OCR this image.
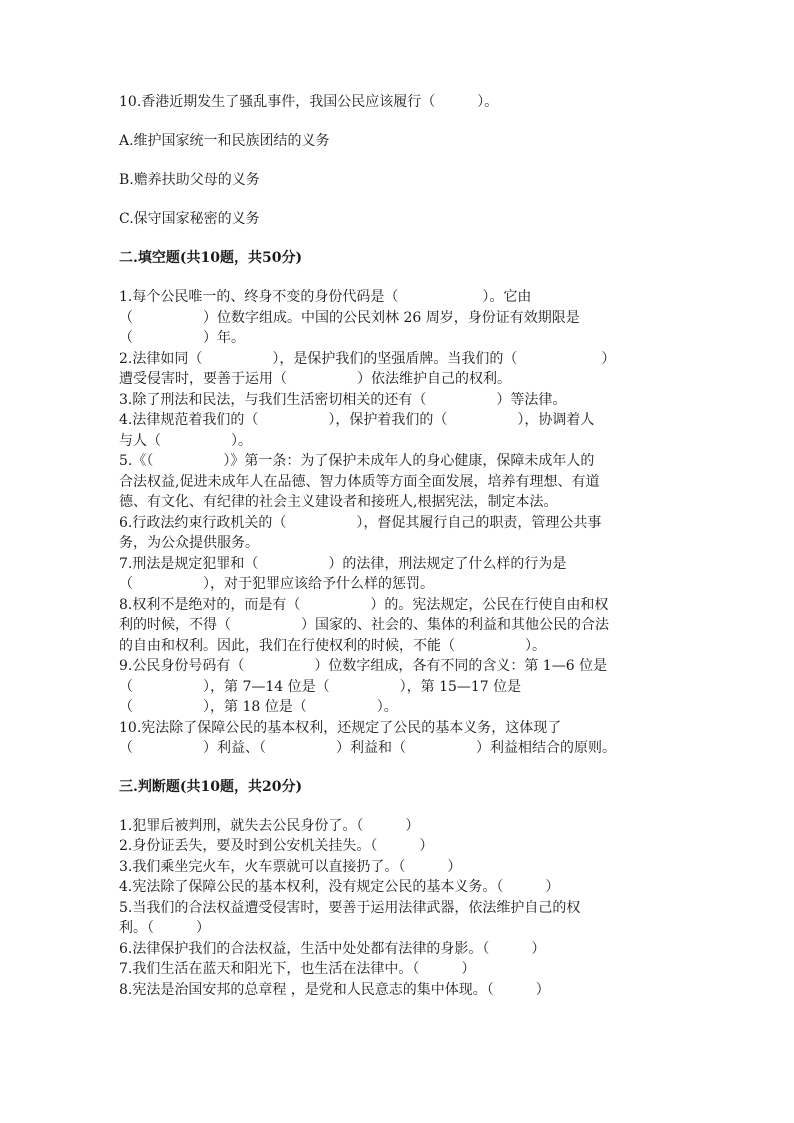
10.香港近期发生了骚乱事件，我国公民应该履行（　　　）。
A.维护国家统一和民族团结的义务
B.赡养扶助父母的义务
C.保守国家秘密的义务
二.填空题(共10题，共50分)
1.每个公民唯一的、终身不变的身份代码是（　　　　　　）。它由
（　　　　　）位数字组成。中国的公民刘林 26 周岁，身份证有效期限是
（　　　　　）年。
2.法律如同（　　　　　），是保护我们的坚强盾牌。当我们的（　　　　　　）
遭受侵害时，要善于运用（　　　　　）依法维护自己的权利。
3.除了刑法和民法，与我们生活密切相关的还有（　　　　　）等法律。
4.法律规范着我们的（　　　　　），保护着我们的（　　　　　），协调着人
与人（　　　　　）。
5.《（　　　　　）》第一条：为了保护未成年人的身心健康，保障未成年人的
合法权益,促进未成年人在品德、智力体质等方面全面发展，培养有理想、有道
德、有文化、有纪律的社会主义建设者和接班人,根据宪法，制定本法。
6.行政法约束行政机关的（　　　　　），督促其履行自己的职责，管理公共事
务，为公众提供服务。
7.刑法是规定犯罪和（　　　　　）的法律，刑法规定了什么样的行为是
（　　　　　），对于犯罪应该给予什么样的惩罚。
8.权利不是绝对的，而是有（　　　　　）的。宪法规定，公民在行使自由和权
利的时候，不得（　　　　　）国家的、社会的、集体的利益和其他公民的合法
的自由和权利。因此，我们在行使权利的时候，不能（　　　　　）。
9.公民身份号码有（　　　　　）位数字组成，各有不同的含义：第 1—6 位是
（　　　　　），第 7—14 位是（　　　　　），第 15—17 位是
（　　　　　），第 18 位是（　　　　　）。
10.宪法除了保障公民的基本权利，还规定了公民的基本义务，这体现了
（　　　　　）利益、（　　　　　）利益和（　　　　　）利益相结合的原则。
三.判断题(共10题，共20分)
1.犯罪后被判刑，就失去公民身份了。（　　　）
2.身份证丢失，要及时到公安机关挂失。（　　　）
3.我们乘坐完火车，火车票就可以直接扔了。（　　　）
4.宪法除了保障公民的基本权利，没有规定公民的基本义务。（　　　）
5.当我们的合法权益遭受侵害时，要善于运用法律武器，依法维护自己的权
利。（　　　）
6.法律保护我们的合法权益，生活中处处都有法律的身影。（　　　）
7.我们生活在蓝天和阳光下，也生活在法律中。（　　　）
8.宪法是治国安邦的总章程 ，是党和人民意志的集中体现。（　　　）
